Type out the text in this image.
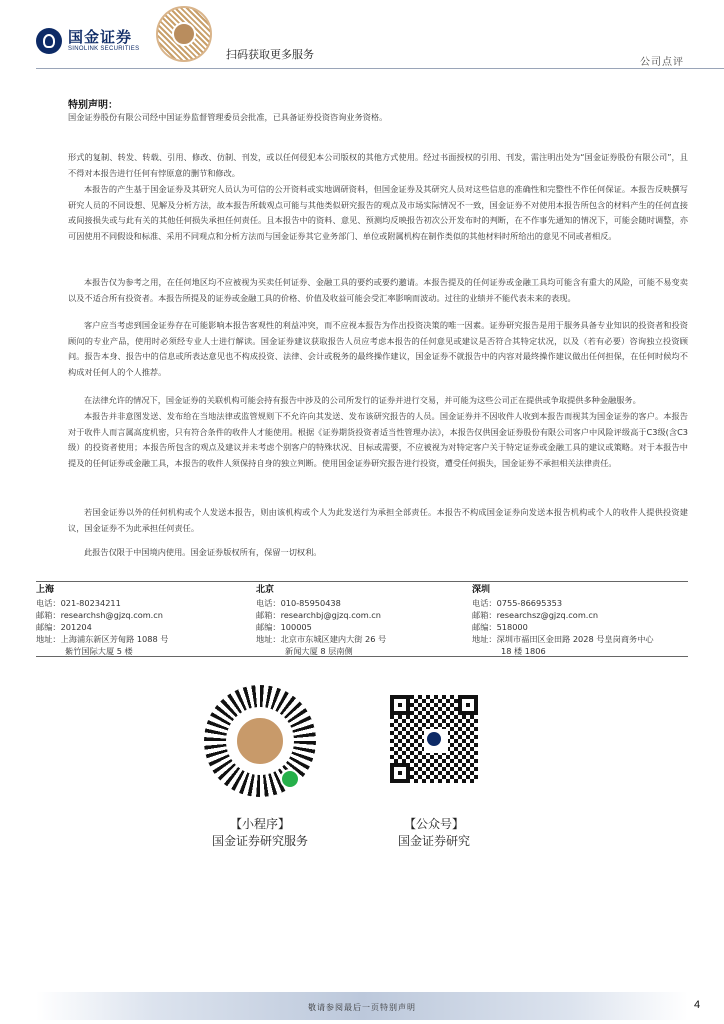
国金证券
SINOLINK SECURITIES	扫码获取更多服务
公司点评
特别声明：

国金证券股份有限公司经中国证券监督管理委员会批准，已具备证券投资咨询业务资格。

形式的复制、转发、转载、引用、修改、仿制、刊发，或以任何侵犯本公司版权的其他方式使用。经过书面授权的引用、刊发，需注明出处为“国金证券股份有限公司”，且不得对本报告进行任何有悖原意的删节和修改。

本报告的产生基于国金证券及其研究人员认为可信的公开资料或实地调研资料，但国金证券及其研究人员对这些信息的准确性和完整性不作任何保证。本报告反映撰写研究人员的不同设想、见解及分析方法，故本报告所载观点可能与其他类似研究报告的观点及市场实际情况不一致，国金证券不对使用本报告所包含的材料产生的任何直接或间接损失或与此有关的其他任何损失承担任何责任。且本报告中的资料、意见、预测均反映报告初次公开发布时的判断，在不作事先通知的情况下，可能会随时调整，亦可因使用不同假设和标准、采用不同观点和分析方法而与国金证券其它业务部门、单位或附属机构在制作类似的其他材料时所给出的意见不同或者相反。

本报告仅为参考之用，在任何地区均不应被视为买卖任何证券、金融工具的要约或要约邀请。本报告提及的任何证券或金融工具均可能含有重大的风险，可能不易变卖以及不适合所有投资者。本报告所提及的证券或金融工具的价格、价值及收益可能会受汇率影响而波动。过往的业绩并不能代表未来的表现。

客户应当考虑到国金证券存在可能影响本报告客观性的利益冲突，而不应视本报告为作出投资决策的唯一因素。证券研究报告是用于服务具备专业知识的投资者和投资顾问的专业产品，使用时必须经专业人士进行解读。国金证券建议获取报告人员应考虑本报告的任何意见或建议是否符合其特定状况，以及（若有必要）咨询独立投资顾问。报告本身、报告中的信息或所表达意见也不构成投资、法律、会计或税务的最终操作建议，国金证券不就报告中的内容对最终操作建议做出任何担保，在任何时候均不构成对任何人的个人推荐。

在法律允许的情况下，国金证券的关联机构可能会持有报告中涉及的公司所发行的证券并进行交易，并可能为这些公司正在提供或争取提供多种金融服务。

本报告并非意图发送、发布给在当地法律或监管规则下不允许向其发送、发布该研究报告的人员。国金证券并不因收件人收到本报告而视其为国金证券的客户。本报告对于收件人而言属高度机密，只有符合条件的收件人才能使用。根据《证券期货投资者适当性管理办法》，本报告仅供国金证券股份有限公司客户中风险评级高于C3级(含C3级）的投资者使用；本报告所包含的观点及建议并未考虑个别客户的特殊状况、目标或需要，不应被视为对特定客户关于特定证券或金融工具的建议或策略。对于本报告中提及的任何证券或金融工具，本报告的收件人须保持自身的独立判断。使用国金证券研究报告进行投资，遭受任何损失，国金证券不承担相关法律责任。

若国金证券以外的任何机构或个人发送本报告，则由该机构或个人为此发送行为承担全部责任。本报告不构成国金证券向发送本报告机构或个人的收件人提供投资建议，国金证券不为此承担任何责任。

此报告仅限于中国境内使用。国金证券版权所有，保留一切权利。

上海
电话：021-80234211
邮箱：researchsh@gjzq.com.cn
邮编：201204
地址：上海浦东新区芳甸路 1088 号
紫竹国际大厦 5 楼
北京
电话：010-85950438
邮箱：researchbj@gjzq.com.cn
邮编：100005
地址：北京市东城区建内大街 26 号
新闻大厦 8 层南侧
深圳
电话：0755-86695353
邮箱：researchsz@gjzq.com.cn
邮编：518000
地址：深圳市福田区金田路 2028 号皇岗商务中心
18 楼 1806
【小程序】
国金证券研究服务
【公众号】
国金证券研究
敬请参阅最后一页特别声明	4
